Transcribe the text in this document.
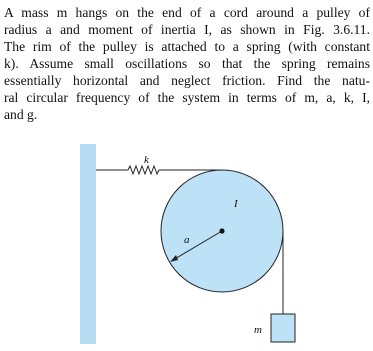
A mass m hangs on the end of a cord around a pulley of
radius a and moment of inertia I, as shown in Fig. 3.6.11.
The rim of the pulley is attached to a spring (with constant
k). Assume small oscillations so that the spring remains
essentially horizontal and neglect friction. Find the natu-
ral circular frequency of the system in terms of m, a, k, I,
and g.
k
I
a
m
